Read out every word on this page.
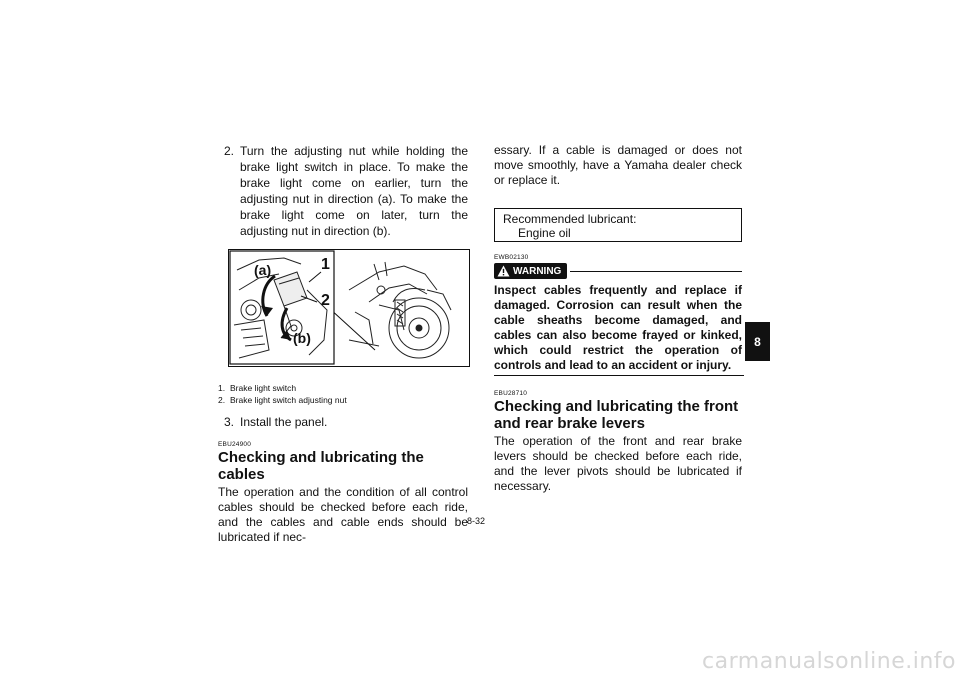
2. Turn the adjusting nut while holding the brake light switch in place. To make the brake light come on earlier, turn the adjusting nut in direction (a). To make the brake light come on later, turn the adjusting nut in direction (b).
(a)	1
2
(b)
1. Brake light switch
2. Brake light switch adjusting nut
3. Install the panel.
EBU24900
Checking and lubricating the cables

The operation and the condition of all control cables should be checked before each ride, and the cables and cable ends should be lubricated if nec-

essary. If a cable is damaged or does not move smoothly, have a Yamaha dealer check or replace it.

Recommended lubricant:
Engine oil
EWB02130
WARNING
Inspect cables frequently and replace if damaged. Corrosion can result when the cable sheaths become damaged, and cables can also become frayed or kinked, which could restrict the operation of controls and lead to an accident or injury.
EBU28710
Checking and lubricating the front and rear brake levers

The operation of the front and rear brake levers should be checked before each ride, and the lever pivots should be lubricated if necessary.

8
8-32
carmanualsonline.info
